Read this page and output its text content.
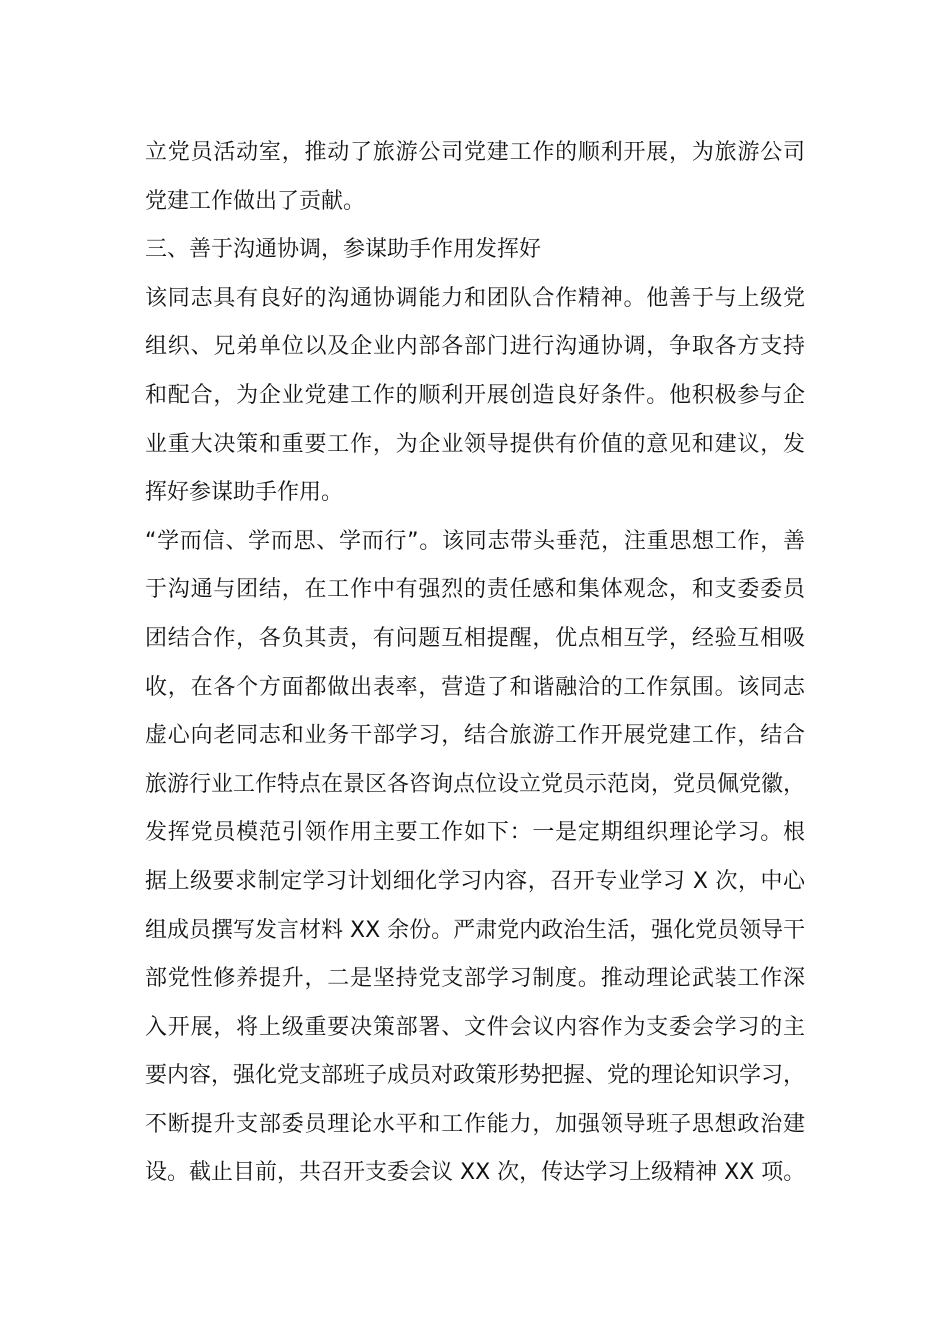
立党员活动室，推动了旅游公司党建工作的顺利开展，为旅游公司
党建工作做出了贡献。
三、善于沟通协调，参谋助手作用发挥好
该同志具有良好的沟通协调能力和团队合作精神。他善于与上级党
组织、兄弟单位以及企业内部各部门进行沟通协调，争取各方支持
和配合，为企业党建工作的顺利开展创造良好条件。他积极参与企
业重大决策和重要工作，为企业领导提供有价值的意见和建议，发
挥好参谋助手作用。
“学而信、学而思、学而行”。该同志带头垂范，注重思想工作，善
于沟通与团结，在工作中有强烈的责任感和集体观念，和支委委员
团结合作，各负其责，有问题互相提醒，优点相互学，经验互相吸
收，在各个方面都做出表率，营造了和谐融洽的工作氛围。该同志
虚心向老同志和业务干部学习，结合旅游工作开展党建工作，结合
旅游行业工作特点在景区各咨询点位设立党员示范岗，党员佩党徽，
发挥党员模范引领作用主要工作如下：一是定期组织理论学习。根
据上级要求制定学习计划细化学习内容，召开专业学习 X 次，中心
组成员撰写发言材料 XX 余份。严肃党内政治生活，强化党员领导干
部党性修养提升，二是坚持党支部学习制度。推动理论武装工作深
入开展，将上级重要决策部署、文件会议内容作为支委会学习的主
要内容，强化党支部班子成员对政策形势把握、党的理论知识学习，
不断提升支部委员理论水平和工作能力，加强领导班子思想政治建
设。截止目前，共召开支委会议 XX 次，传达学习上级精神 XX 项。
